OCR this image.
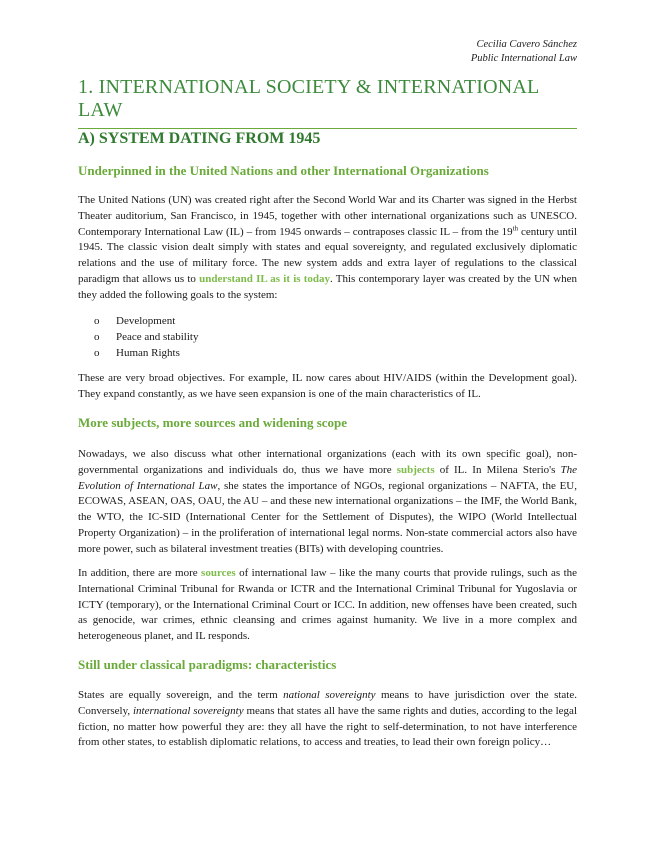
Cecilia Cavero Sánchez
Public International Law
1. INTERNATIONAL SOCIETY & INTERNATIONAL LAW
A) SYSTEM DATING FROM 1945
Underpinned in the United Nations and other International Organizations

The United Nations (UN) was created right after the Second World War and its Charter was signed in the Herbst Theater auditorium, San Francisco, in 1945, together with other international organizations such as UNESCO. Contemporary International Law (IL) – from 1945 onwards – contraposes classic IL – from the 19th century until 1945. The classic vision dealt simply with states and equal sovereignty, and regulated exclusively diplomatic relations and the use of military force. The new system adds and extra layer of regulations to the classical paradigm that allows us to understand IL as it is today. This contemporary layer was created by the UN when they added the following goals to the system:

o Development
o Peace and stability
o Human Rights

These are very broad objectives. For example, IL now cares about HIV/AIDS (within the Development goal). They expand constantly, as we have seen expansion is one of the main characteristics of IL.

More subjects, more sources and widening scope

Nowadays, we also discuss what other international organizations (each with its own specific goal), non-governmental organizations and individuals do, thus we have more subjects of IL. In Milena Sterio's The Evolution of International Law, she states the importance of NGOs, regional organizations – NAFTA, the EU, ECOWAS, ASEAN, OAS, OAU, the AU – and these new international organizations – the IMF, the World Bank, the WTO, the IC-SID (International Center for the Settlement of Disputes), the WIPO (World Intellectual Property Organization) – in the proliferation of international legal norms. Non-state commercial actors also have more power, such as bilateral investment treaties (BITs) with developing countries.

In addition, there are more sources of international law – like the many courts that provide rulings, such as the International Criminal Tribunal for Rwanda or ICTR and the International Criminal Tribunal for Yugoslavia or ICTY (temporary), or the International Criminal Court or ICC. In addition, new offenses have been created, such as genocide, war crimes, ethnic cleansing and crimes against humanity. We live in a more complex and heterogeneous planet, and IL responds.

Still under classical paradigms: characteristics

States are equally sovereign, and the term national sovereignty means to have jurisdiction over the state. Conversely, international sovereignty means that states all have the same rights and duties, according to the legal fiction, no matter how powerful they are: they all have the right to self-determination, to not have interference from other states, to establish diplomatic relations, to access and treaties, to lead their own foreign policy…
